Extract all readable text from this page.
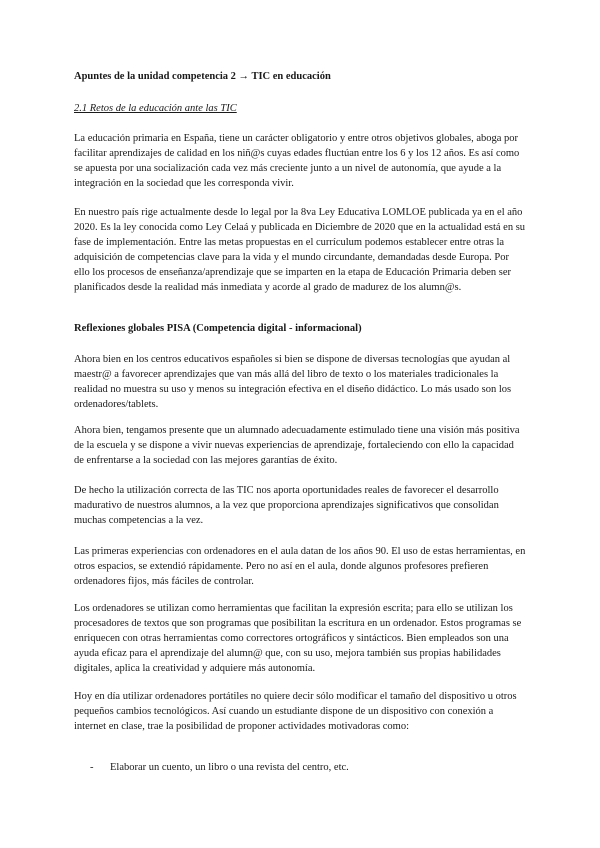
Apuntes de la unidad competencia 2 → TIC en educación

2.1 Retos de la educación ante las TIC

La educación primaria en España, tiene un carácter obligatorio y entre otros objetivos globales, aboga por facilitar aprendizajes de calidad en los niñ@s cuyas edades fluctúan entre los 6 y los 12 años. Es así como se apuesta por una socialización cada vez más creciente junto a un nivel de autonomía, que ayude a la integración en la sociedad que les corresponda vivir.

En nuestro país rige actualmente desde lo legal por la 8va Ley Educativa LOMLOE publicada ya en el año 2020. Es la ley conocida como Ley Celaá y publicada en Diciembre de 2020 que en la actualidad está en su fase de implementación. Entre las metas propuestas en el currículum podemos establecer entre otras la adquisición de competencias clave para la vida y el mundo circundante, demandadas desde Europa. Por ello los procesos de enseñanza/aprendizaje que se imparten en la etapa de Educación Primaria deben ser planificados desde la realidad más inmediata y acorde al grado de madurez de los alumn@s.

Reflexiones globales PISA (Competencia digital - informacional)

Ahora bien en los centros educativos españoles si bien se dispone de diversas tecnologías que ayudan al maestr@ a favorecer aprendizajes que van más allá del libro de texto o los materiales tradicionales la realidad no muestra su uso y menos su integración efectiva en el diseño didáctico. Lo más usado son los ordenadores/tablets.

Ahora bien, tengamos presente que un alumnado adecuadamente estimulado tiene una visión más positiva de la escuela y se dispone a vivir nuevas experiencias de aprendizaje, fortaleciendo con ello la capacidad de enfrentarse a la sociedad con las mejores garantías de éxito.

De hecho la utilización correcta de las TIC nos aporta oportunidades reales de favorecer el desarrollo madurativo de nuestros alumnos, a la vez que proporciona aprendizajes significativos que consolidan muchas competencias a la vez.

Las primeras experiencias con ordenadores en el aula datan de los años 90. El uso de estas herramientas, en otros espacios, se extendió rápidamente. Pero no así en el aula, donde algunos profesores prefieren ordenadores fijos, más fáciles de controlar.

Los ordenadores se utilizan como herramientas que facilitan la expresión escrita; para ello se utilizan los procesadores de textos que son programas que posibilitan la escritura en un ordenador. Estos programas se enriquecen con otras herramientas como correctores ortográficos y sintácticos. Bien empleados son una ayuda eficaz para el aprendizaje del alumn@ que, con su uso, mejora también sus propias habilidades digitales, aplica la creatividad y adquiere más autonomía.

Hoy en día utilizar ordenadores portátiles no quiere decir sólo modificar el tamaño del dispositivo u otros pequeños cambios tecnológicos. Así cuando un estudiante dispone de un dispositivo con conexión a internet en clase, trae la posibilidad de proponer actividades motivadoras como:

- Elaborar un cuento, un libro o una revista del centro, etc.
